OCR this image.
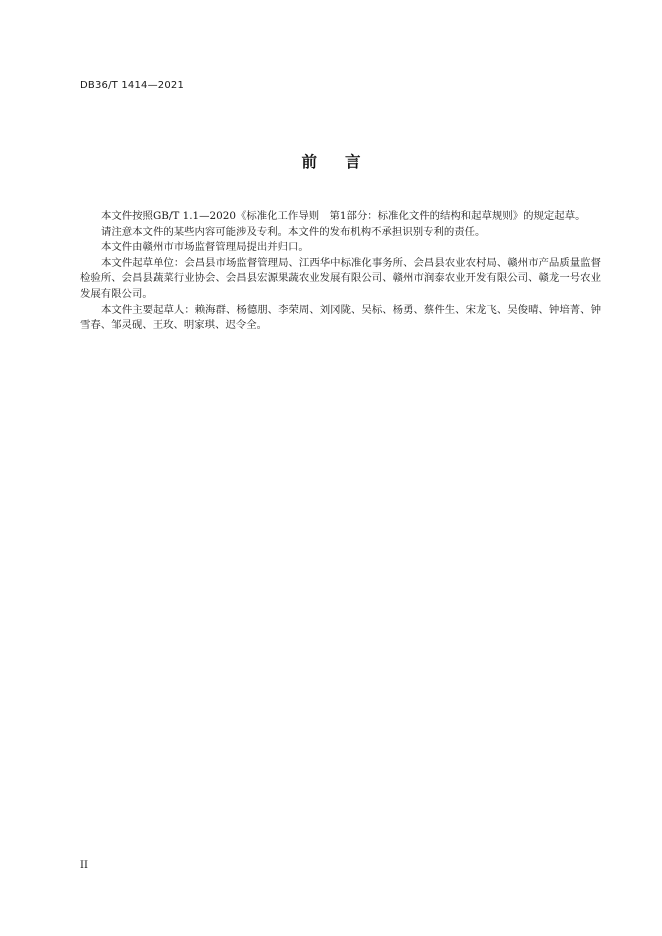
DB36/T 1414—2021
前言

本文件按照GB/T 1.1—2020《标准化工作导则　第1部分：标准化文件的结构和起草规则》的规定起草。

请注意本文件的某些内容可能涉及专利。本文件的发布机构不承担识别专利的责任。

本文件由赣州市市场监督管理局提出并归口。

本文件起草单位：会昌县市场监督管理局、江西华中标准化事务所、会昌县农业农村局、赣州市产品质量监督检验所、会昌县蔬菜行业协会、会昌县宏源果蔬农业发展有限公司、赣州市润泰农业开发有限公司、赣龙一号农业发展有限公司。

本文件主要起草人：赖海群、杨德朋、李荣周、刘冈陇、吴标、杨勇、蔡件生、宋龙飞、吴俊晴、钟培菁、钟雪春、邹灵砚、王玫、明家琪、迟令全。

II
